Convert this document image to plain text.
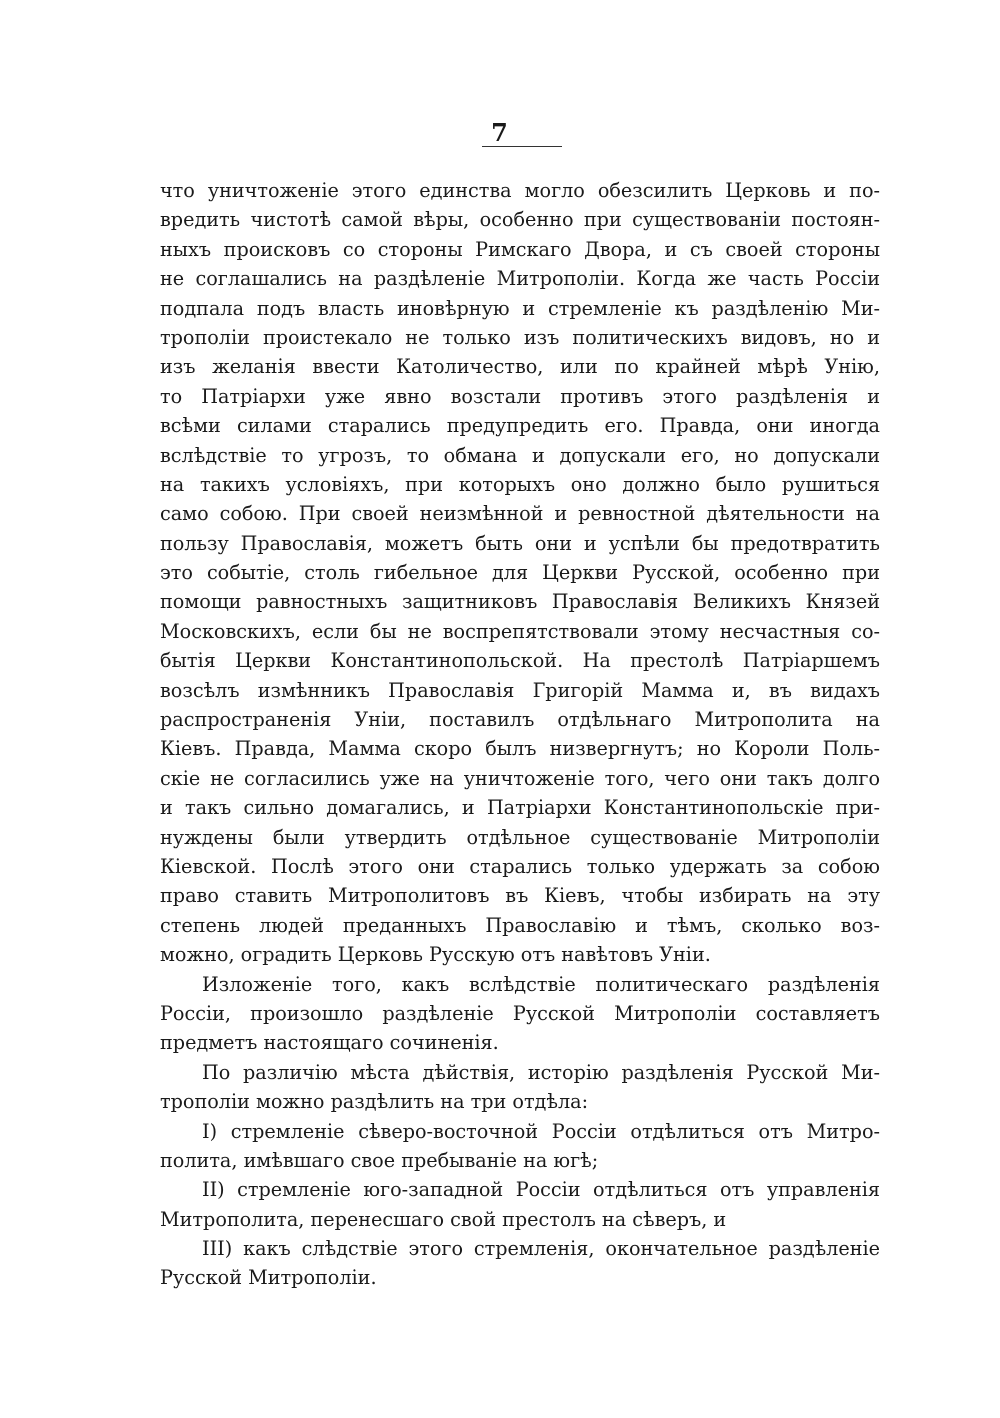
7
что уничтоженіе этого единства могло обезсилить Церковь и по-
вредить чистотѣ самой вѣры, особенно при существованіи постоян-
ныхъ происковъ со стороны Римскаго Двора, и съ своей стороны
не соглашались на раздѣленіе Митрополіи. Когда же часть Россіи
подпала подъ власть иновѣрную и стремленіе къ раздѣленію Ми-
трополіи проистекало не только изъ политическихъ видовъ, но и
изъ желанія ввести Католичество, или по крайней мѣрѣ Унію,
то Патріархи уже явно возстали противъ этого раздѣленія и
всѣми силами старались предупредить его. Правда, они иногда
вслѣдствіе то угрозъ, то обмана и допускали его, но допускали
на такихъ условіяхъ, при которыхъ оно должно было рушиться
само собою. При своей неизмѣнной и ревностной дѣятельности на
пользу Православія, можетъ быть они и успѣли бы предотвратить
это событіе, столь гибельное для Церкви Русской, особенно при
помощи равностныхъ защитниковъ Православія Великихъ Князей
Московскихъ, если бы не воспрепятствовали этому несчастныя со-
бытія Церкви Константинопольской. На престолѣ Патріаршемъ
возсѣлъ измѣнникъ Православія Григорій Мамма и, въ видахъ
распространенія Уніи, поставилъ отдѣльнаго Митрополита на
Кіевъ. Правда, Мамма скоро былъ низвергнутъ; но Короли Поль-
скіе не согласились уже на уничтоженіе того, чего они такъ долго
и такъ сильно домагались, и Патріархи Константинопольскіе при-
нуждены были утвердить отдѣльное существованіе Митрополіи
Кіевской. Послѣ этого они старались только удержать за собою
право ставить Митрополитовъ въ Кіевъ, чтобы избирать на эту
степень людей преданныхъ Православію и тѣмъ, сколько воз-
можно, оградить Церковь Русскую отъ навѣтовъ Уніи.
Изложеніе того, какъ вслѣдствіе политическаго раздѣленія
Россіи, произошло раздѣленіе Русской Митрополіи составляетъ
предметъ настоящаго сочиненія.
По различію мѣста дѣйствія, исторію раздѣленія Русской Ми-
трополіи можно раздѣлить на три отдѣла:
I) стремленіе сѣверо-восточной Россіи отдѣлиться отъ Митро-
полита, имѣвшаго свое пребываніе на югѣ;
II) стремленіе юго-западной Россіи отдѣлиться отъ управленія
Митрополита, перенесшаго свой престолъ на сѣверъ, и
III) какъ слѣдствіе этого стремленія, окончательное раздѣленіе
Русской Митрополіи.
